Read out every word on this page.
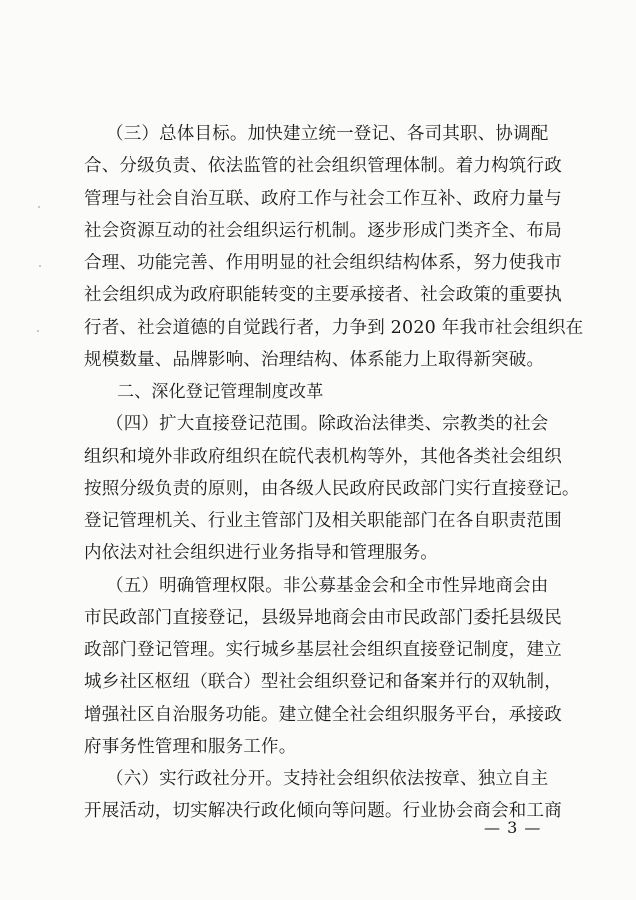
（三）总体目标。加快建立统一登记、各司其职、协调配
合、分级负责、依法监管的社会组织管理体制。着力构筑行政
管理与社会自治互联、政府工作与社会工作互补、政府力量与
社会资源互动的社会组织运行机制。逐步形成门类齐全、布局
合理、功能完善、作用明显的社会组织结构体系，努力使我市
社会组织成为政府职能转变的主要承接者、社会政策的重要执
行者、社会道德的自觉践行者，力争到 2020 年我市社会组织在
规模数量、品牌影响、治理结构、体系能力上取得新突破。
二、深化登记管理制度改革
（四）扩大直接登记范围。除政治法律类、宗教类的社会
组织和境外非政府组织在皖代表机构等外，其他各类社会组织
按照分级负责的原则，由各级人民政府民政部门实行直接登记。
登记管理机关、行业主管部门及相关职能部门在各自职责范围
内依法对社会组织进行业务指导和管理服务。
（五）明确管理权限。非公募基金会和全市性异地商会由
市民政部门直接登记，县级异地商会由市民政部门委托县级民
政部门登记管理。实行城乡基层社会组织直接登记制度，建立
城乡社区枢纽（联合）型社会组织登记和备案并行的双轨制，
增强社区自治服务功能。建立健全社会组织服务平台，承接政
府事务性管理和服务工作。
（六）实行政社分开。支持社会组织依法按章、独立自主
开展活动，切实解决行政化倾向等问题。行业协会商会和工商
— 3 —
